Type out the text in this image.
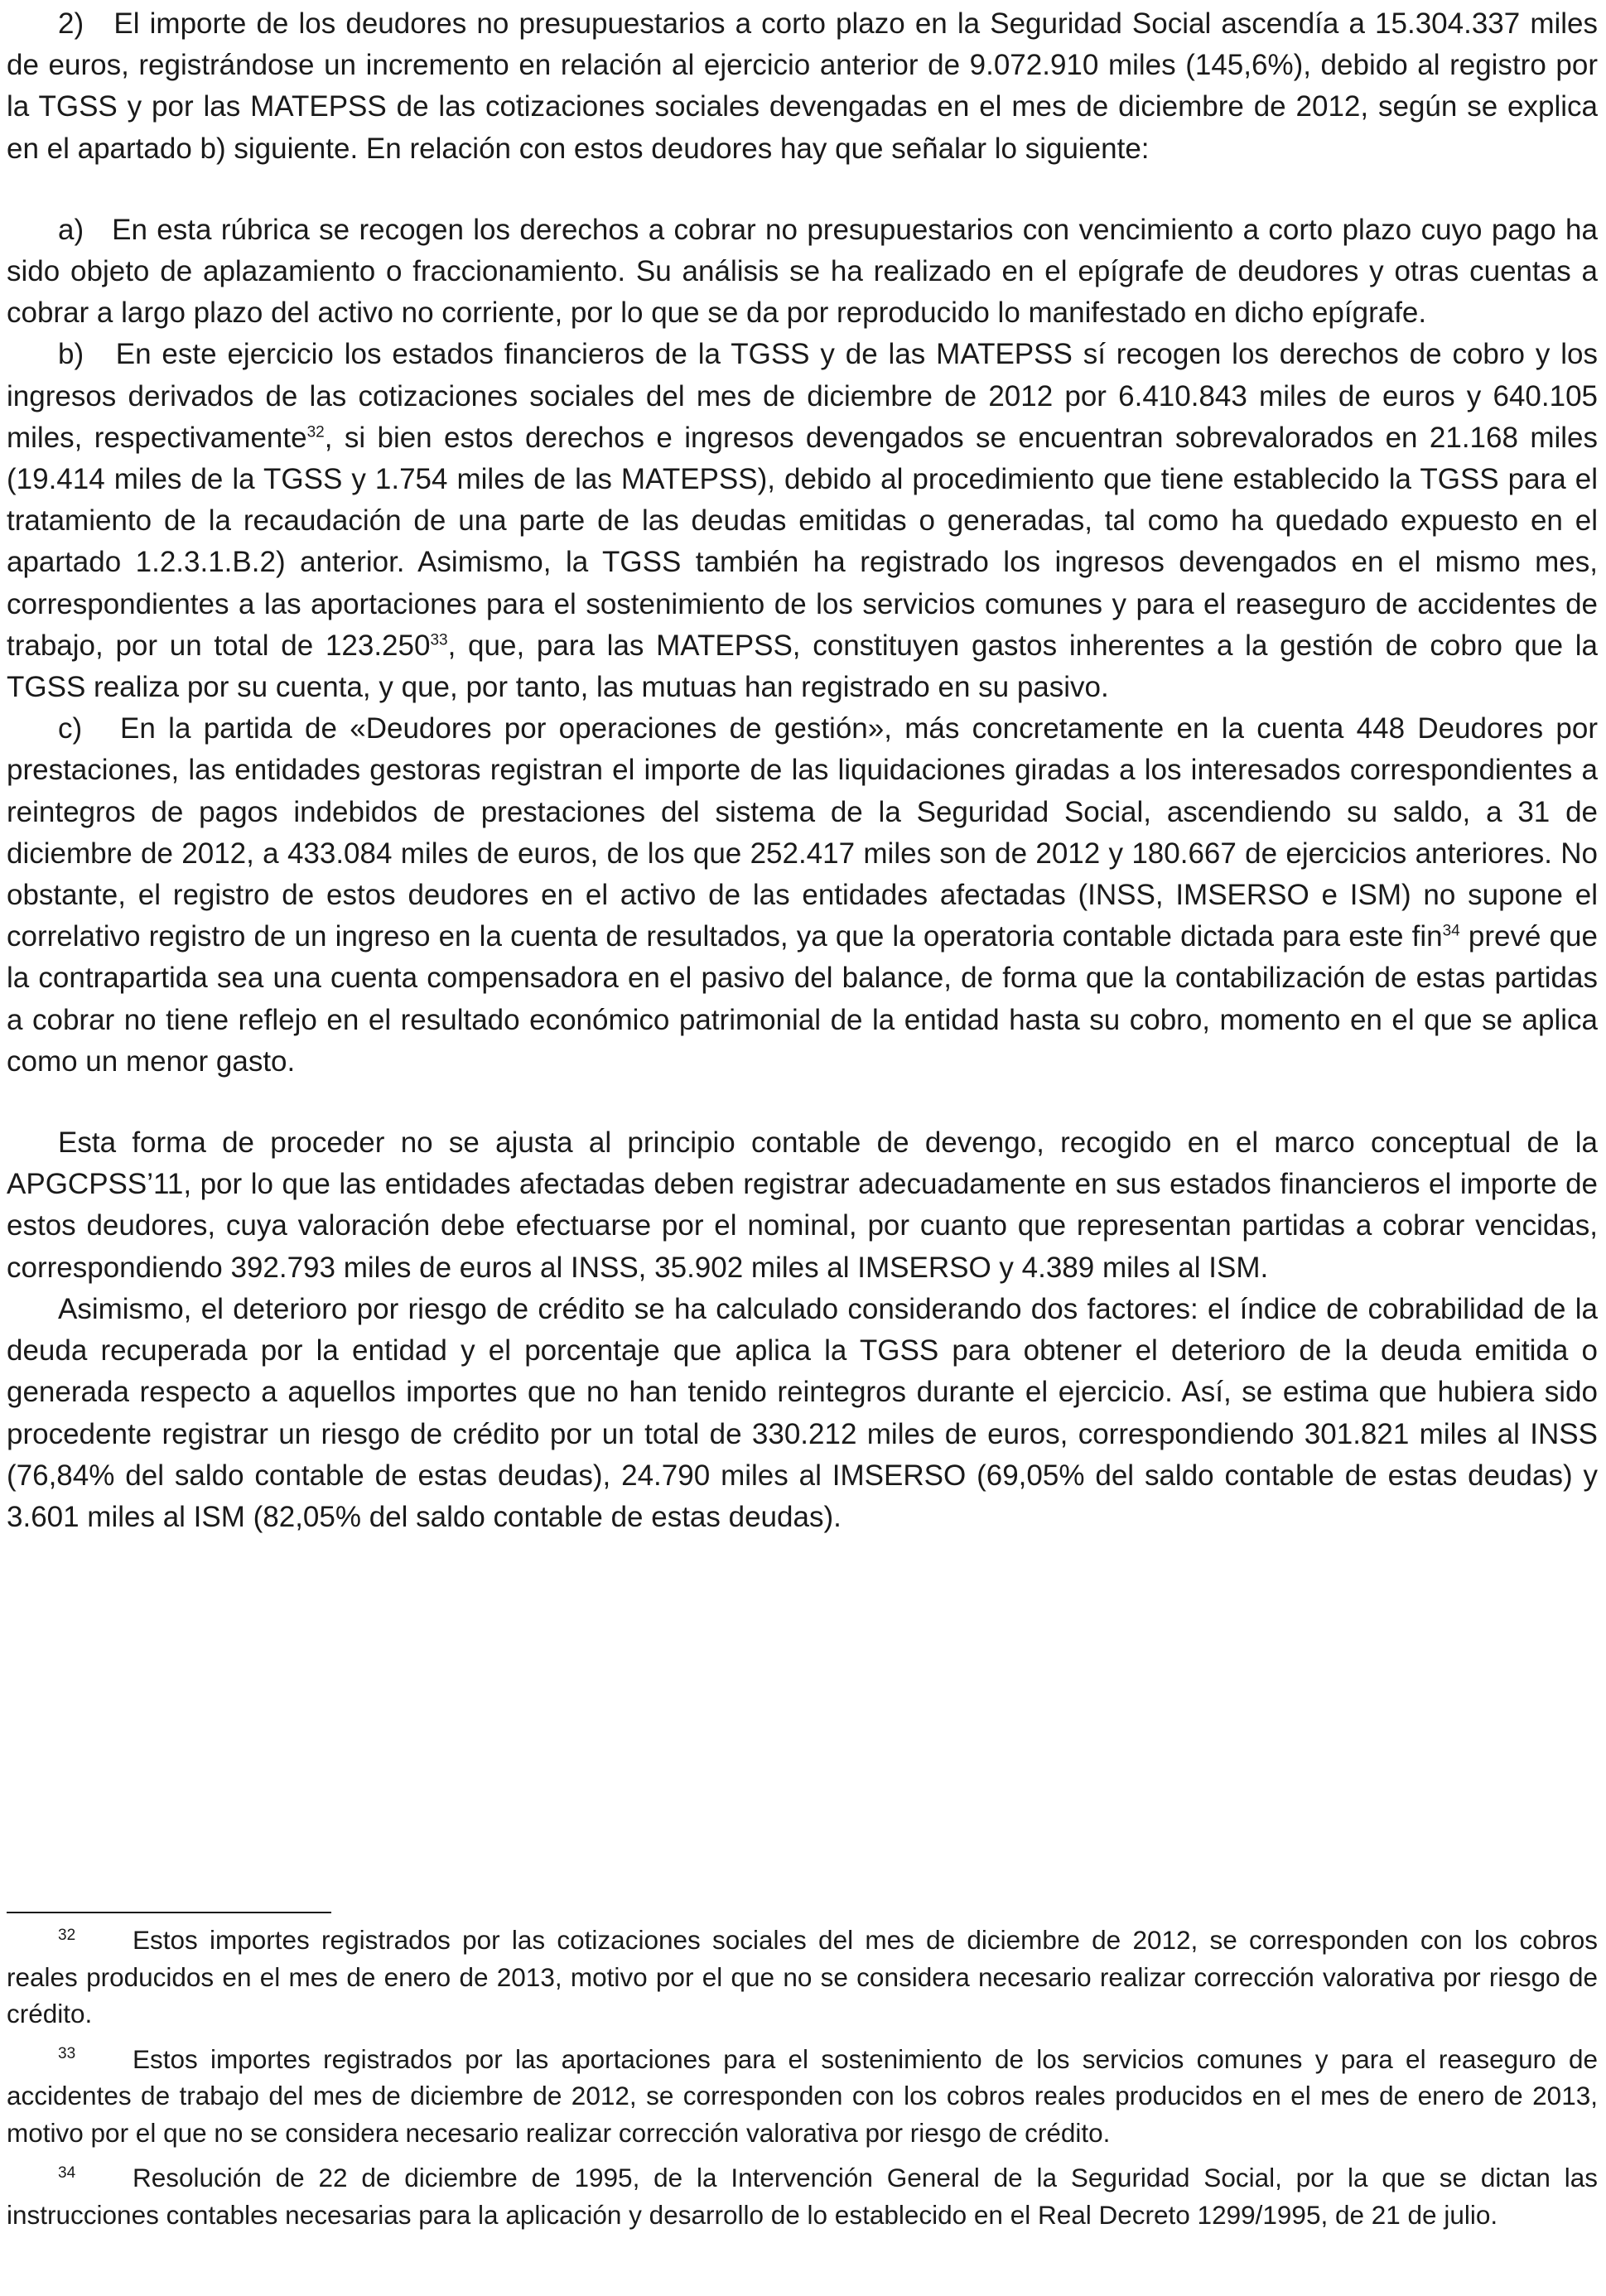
2)   El importe de los deudores no presupuestarios a corto plazo en la Seguridad Social ascendía a 15.304.337 miles de euros, registrándose un incremento en relación al ejercicio anterior de 9.072.910 miles (145,6%), debido al registro por la TGSS y por las MATEPSS de las cotizaciones sociales devengadas en el mes de diciembre de 2012, según se explica en el apartado b) siguiente. En relación con estos deudores hay que señalar lo siguiente:

a)   En esta rúbrica se recogen los derechos a cobrar no presupuestarios con vencimiento a corto plazo cuyo pago ha sido objeto de aplazamiento o fraccionamiento. Su análisis se ha realizado en el epígrafe de deudores y otras cuentas a cobrar a largo plazo del activo no corriente, por lo que se da por reproducido lo manifestado en dicho epígrafe.

b)   En este ejercicio los estados financieros de la TGSS y de las MATEPSS sí recogen los derechos de cobro y los ingresos derivados de las cotizaciones sociales del mes de diciembre de 2012 por 6.410.843 miles de euros y 640.105 miles, respectivamente$^{32}$, si bien estos derechos e ingresos devengados se encuentran sobrevalorados en 21.168 miles (19.414 miles de la TGSS y 1.754 miles de las MATEPSS), debido al procedimiento que tiene establecido la TGSS para el tratamiento de la recaudación de una parte de las deudas emitidas o generadas, tal como ha quedado expuesto en el apartado 1.2.3.1.B.2) anterior. Asimismo, la TGSS también ha registrado los ingresos devengados en el mismo mes, correspondientes a las aportaciones para el sostenimiento de los servicios comunes y para el reaseguro de accidentes de trabajo, por un total de 123.250$^{33}$, que, para las MATEPSS, constituyen gastos inherentes a la gestión de cobro que la TGSS realiza por su cuenta, y que, por tanto, las mutuas han registrado en su pasivo.

c)   En la partida de «Deudores por operaciones de gestión», más concretamente en la cuenta 448 Deudores por prestaciones, las entidades gestoras registran el importe de las liquidaciones giradas a los interesados correspondientes a reintegros de pagos indebidos de prestaciones del sistema de la Seguridad Social, ascendiendo su saldo, a 31 de diciembre de 2012, a 433.084 miles de euros, de los que 252.417 miles son de 2012 y 180.667 de ejercicios anteriores. No obstante, el registro de estos deudores en el activo de las entidades afectadas (INSS, IMSERSO e ISM) no supone el correlativo registro de un ingreso en la cuenta de resultados, ya que la operatoria contable dictada para este fin$^{34}$ prevé que la contrapartida sea una cuenta compensadora en el pasivo del balance, de forma que la contabilización de estas partidas a cobrar no tiene reflejo en el resultado económico patrimonial de la entidad hasta su cobro, momento en el que se aplica como un menor gasto.

Esta forma de proceder no se ajusta al principio contable de devengo, recogido en el marco conceptual de la APGCPSS’11, por lo que las entidades afectadas deben registrar adecuadamente en sus estados financieros el importe de estos deudores, cuya valoración debe efectuarse por el nominal, por cuanto que representan partidas a cobrar vencidas, correspondiendo 392.793 miles de euros al INSS, 35.902 miles al IMSERSO y 4.389 miles al ISM.

Asimismo, el deterioro por riesgo de crédito se ha calculado considerando dos factores: el índice de cobrabilidad de la deuda recuperada por la entidad y el porcentaje que aplica la TGSS para obtener el deterioro de la deuda emitida o generada respecto a aquellos importes que no han tenido reintegros durante el ejercicio. Así, se estima que hubiera sido procedente registrar un riesgo de crédito por un total de 330.212 miles de euros, correspondiendo 301.821 miles al INSS (76,84% del saldo contable de estas deudas), 24.790 miles al IMSERSO (69,05% del saldo contable de estas deudas) y 3.601 miles al ISM (82,05% del saldo contable de estas deudas).

32 Estos importes registrados por las cotizaciones sociales del mes de diciembre de 2012, se corresponden con los cobros reales producidos en el mes de enero de 2013, motivo por el que no se considera necesario realizar corrección valorativa por riesgo de crédito.

33 Estos importes registrados por las aportaciones para el sostenimiento de los servicios comunes y para el reaseguro de accidentes de trabajo del mes de diciembre de 2012, se corresponden con los cobros reales producidos en el mes de enero de 2013, motivo por el que no se considera necesario realizar corrección valorativa por riesgo de crédito.

34 Resolución de 22 de diciembre de 1995, de la Intervención General de la Seguridad Social, por la que se dictan las instrucciones contables necesarias para la aplicación y desarrollo de lo establecido en el Real Decreto 1299/1995, de 21 de julio.
